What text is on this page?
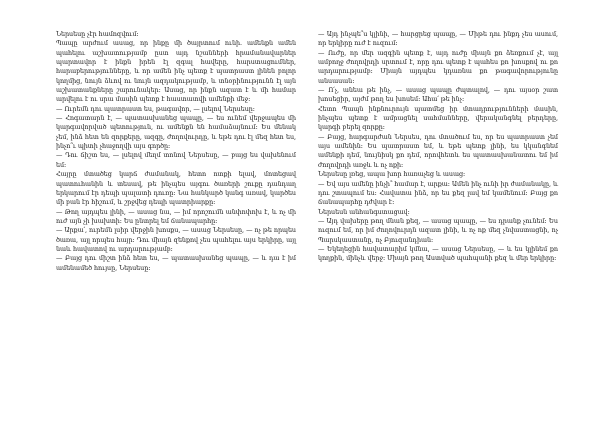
Ներսեսը չէր համոզվում։

Պապը արժում ասաց, որ ինքը մի ծայրտում ունի. ամենքն ամեն պահելու աշխատությամբ ըստ այդ նշանների հրամանավարներ պարտավոր է ինքն իրեն էլ զգալ հավերը, հարստացումներ, հարաբերությունները, և որ ամեն ինչ պետք է պատրաստ լինեն բոլոր կողմից, նույն ձևով ու նույն ազդակությամբ, և տնօրինությունն էլ այն աշխատանքները շարունակեր։ Ասաց, որ ինքն ազատ է և մի համար արվելու է ու սրա մասին պետք է հաստատվի ամենքի մեջ։

— Ուրեմն դու պատրաստ ես, թագավոր, — լսելով Ներսեսը։

— Հոգատարն է, — պատասխանեց պապը, — ես ունեմ վերջապես մի կարգավորված պետություն, ու ամենքն են համաձայնում։ Ես մենակ չեմ, ինձ հետ են զորքերը, ազգը, ժողովուրդը, և եթե դու էլ մեզ հետ ես, ինչո՞ւ պիտի չհաջողվի այս գործը։

— Դու ճիշտ ես, — լսելով մեղմ տոնով Ներսեսը, — բայց ես վախենում եմ։

Հայրը մտածեց կարճ ժամանակ, հետո ոտքի ելավ, մոտեցավ պատուհանին և տեսավ, թե ինչպես այգու ծառերի շուքը դանդաղ երկարում էր դեպի պալատի դուռը։ Նա հանկարծ կանգ առավ, կարծես մի բան էր հիշում, և շրջվեց դեպի պատրիարքը։

— Թող այդպես լինի, — ասաց նա, — իմ որոշումն անփոփոխ է, և ոչ մի ուժ այն չի խախտի։ Ես ընտրել եմ ճանապարհը։

— Արքա՛, ուրեմն լսիր վերջին խոսքս, — ասաց Ներսեսը, — ոչ թե որպես ծառա, այլ որպես հայր։ Դու միայն զենքով չես պահելու այս երկիրը, այլ նաև հավատով ու արդարությամբ։

— Բայց դու միշտ ինձ հետ ես, — պատասխանեց պապը, — և դա է իմ ամենամեծ հույսը, Ներսեսը։

— Այդ ինչպե՞ս կլինի, — հարցրեց պապը, — Միթե դու ինքդ չես ասում, որ երկիրը ուժ է ուզում։

— Ուժը, որ մեր ազգին պետք է, այդ ուժը միայն քո ձեռքում չէ, այլ ամբողջ ժողովրդի սրտում է, որը դու պետք է պահես քո խոսքով ու քո արդարությամբ։ Միայն այդպես կդառնա քո թագավորությունը անսասան։

— Ո՛չ, անեա թե ինչ, — ասաց պապը ժպտալով, — դու այսօր շատ խոսեցիր, այժմ թող ես խոսեմ։ Ահա՛ թե ինչ։

Հետո Պապն ինքնուրույն պատմեց իր մտադրությունների մասին, ինչպես պետք է ամրացնել սահմանները, վերականգնել բերդերը, կարգի բերել զորքը։

— Բայց, հարգարժան Ներսես, դու մտածում ես, որ ես պատրաստ չեմ այս ամենին։ Ես պատրաստ եմ, և եթե պետք լինի, ես կկանգնեմ ամենքի դեմ, նույնիսկ քո դեմ, որովհետև ես պատասխանատու եմ իմ ժողովրդի առջև և ոչ ոքի։

Ներսեսը լռեց, ապա խոր հառաչեց և ասաց։

— Եվ այս ամենը ինչի՞ համար է, արքա։ Ամեն ինչ ունի իր ժամանակը, և դու շտապում ես։ Հավատա ինձ, որ ես քեզ լավ եմ կամենում։ Բայց քո ճանապարհը դժվար է։

Ներսեսն անհանգստացավ։

— Այդ վախերը թող մնան քեզ, — ասաց պապը, — ես դրանք չունեմ։ Ես ուզում եմ, որ իմ ժողովուրդն ազատ լինի, և ոչ ոք մեզ չնվաստացնի, ոչ Պարսկաստանը, ոչ Բյուզանդիան։

— Եկեղեցին հավատարիմ կմնա, — ասաց Ներսեսը, — և ես կլինեմ քո կողքին, մինչև վերջ։ Միայն թող Աստված պահպանի քեզ և մեր երկիրը։
